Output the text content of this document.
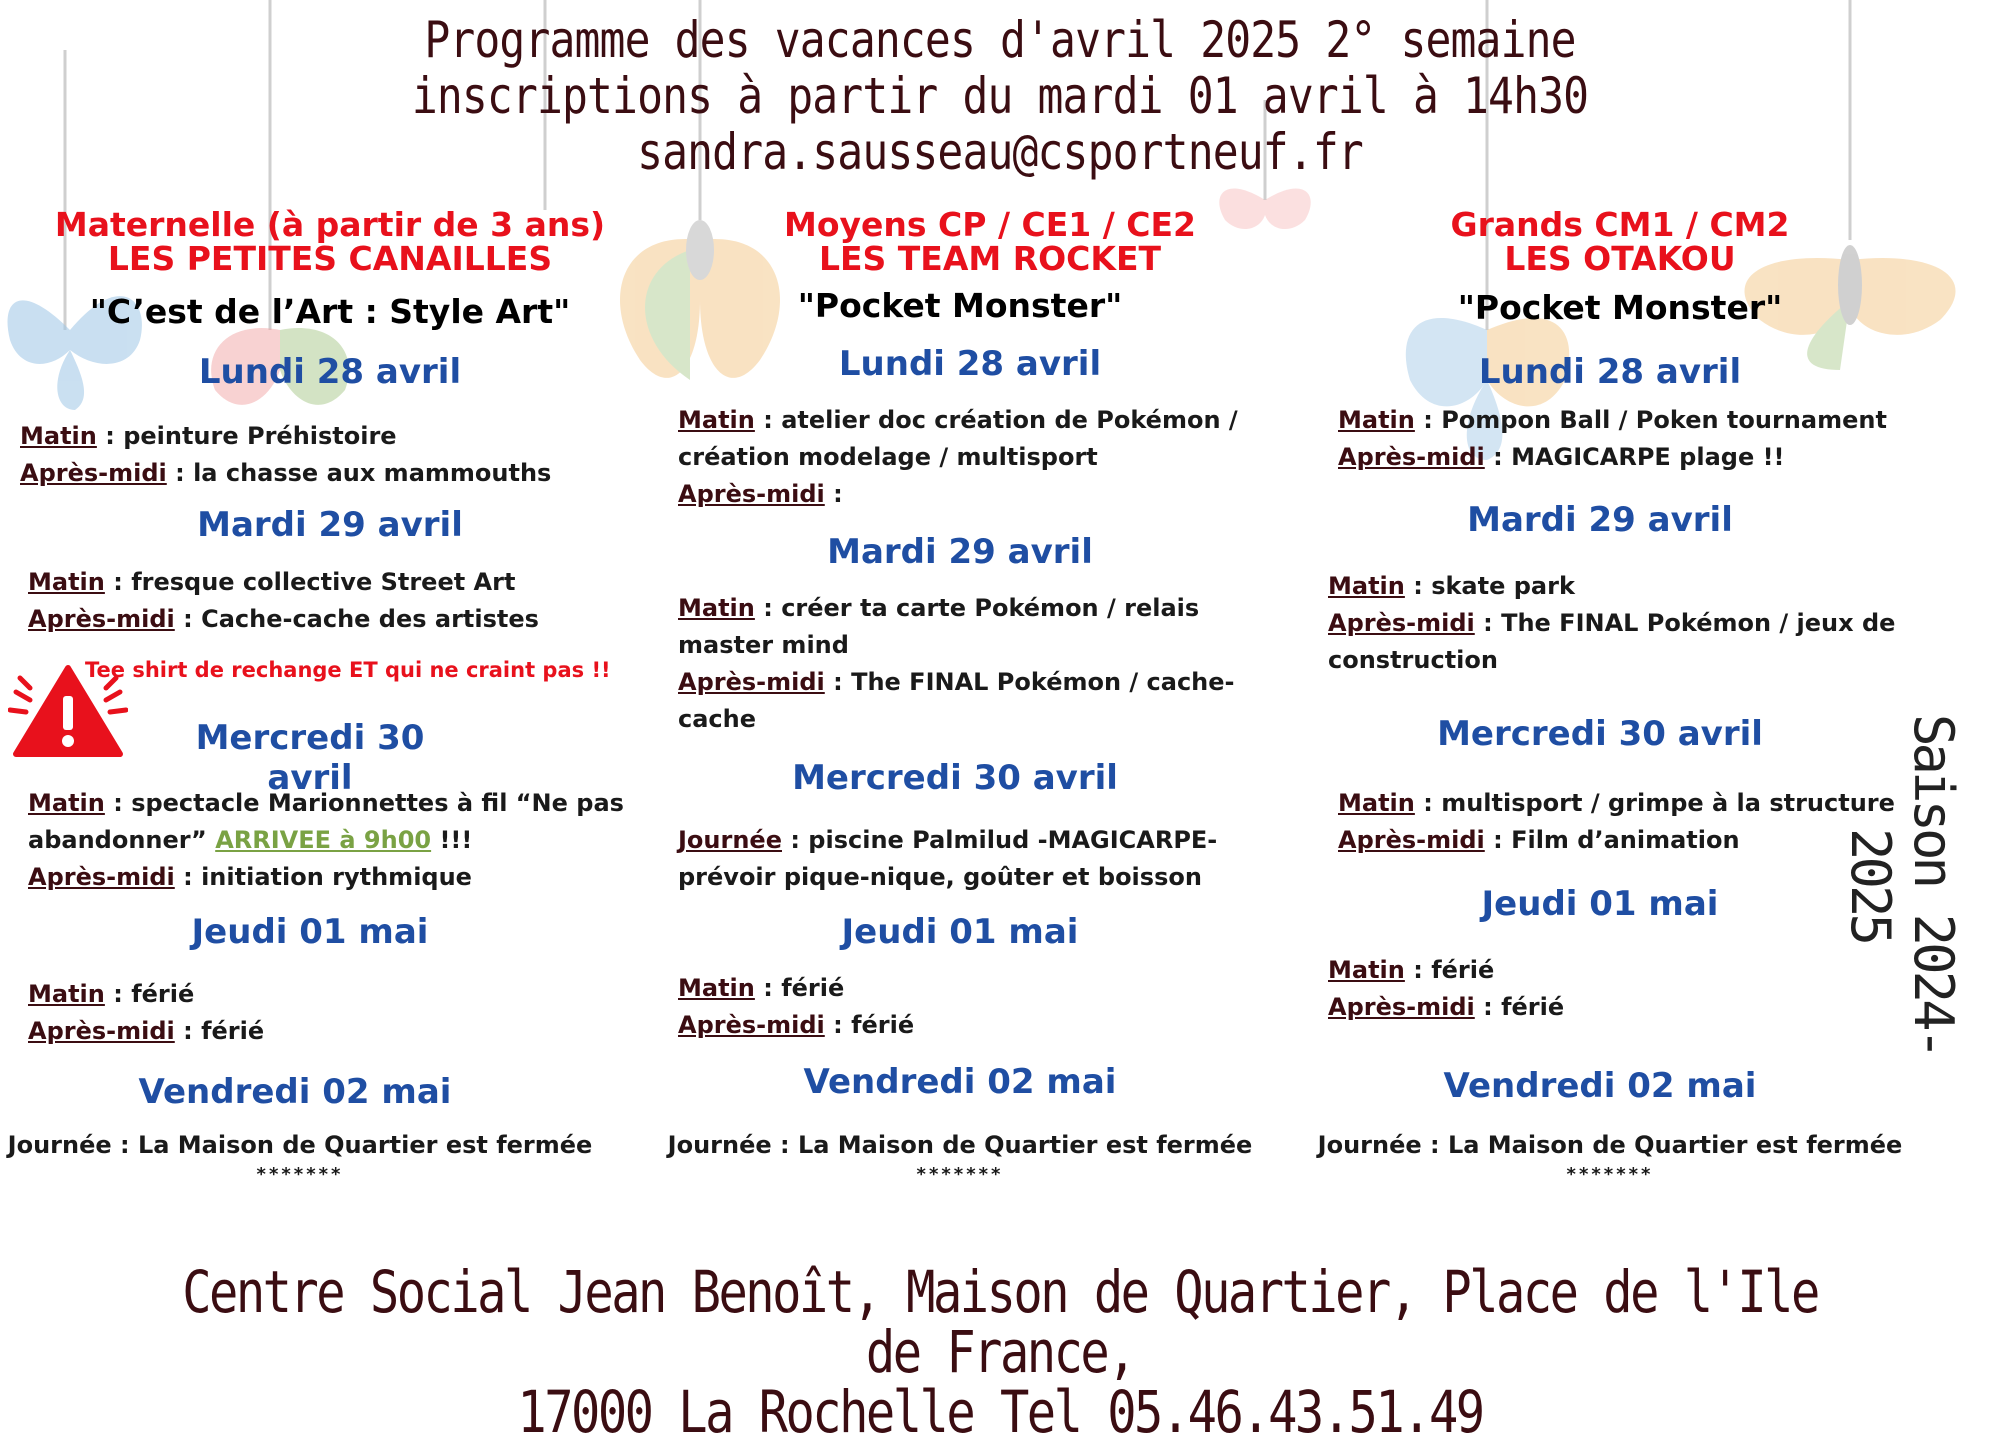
Programme des vacances d'avril 2025 2° semaine
inscriptions à partir du mardi 01 avril à 14h30
sandra.sausseau@csportneuf.fr
Saison 2024-2025
Maternelle (à partir de 3 ans)
LES PETITES CANAILLES
"C’est de l’Art : Style Art"
Lundi 28 avril
Matin : peinture Préhistoire
Après-midi : la chasse aux mammouths
Mardi 29 avril
Matin : fresque collective Street Art
Après-midi : Cache-cache des artistes
Tee shirt de rechange ET qui ne craint pas !!
Mercredi 30 avril
Matin : spectacle Marionnettes à fil “Ne pas
abandonner” ARRIVEE à 9h00 !!!
Après-midi : initiation rythmique
Jeudi 01 mai
Matin : férié
Après-midi : férié
Vendredi 02 mai
Journée : La Maison de Quartier est fermée
*******
Moyens CP / CE1 / CE2
LES TEAM ROCKET
"Pocket Monster"
Lundi 28 avril
Matin : atelier doc création de Pokémon /
création modelage / multisport
Après-midi :
Mardi 29 avril
Matin : créer ta carte Pokémon / relais
master mind
Après-midi : The FINAL Pokémon / cache-
cache
Mercredi 30 avril
Journée : piscine Palmilud -MAGICARPE-
prévoir pique-nique, goûter et boisson
Jeudi 01 mai
Matin : férié
Après-midi : férié
Vendredi 02 mai
Journée : La Maison de Quartier est fermée
*******
Grands CM1 / CM2
LES OTAKOU
"Pocket Monster"
Lundi 28 avril
Matin : Pompon Ball / Poken tournament
Après-midi : MAGICARPE plage !!
Mardi 29 avril
Matin : skate park
Après-midi : The FINAL Pokémon / jeux de
construction
Mercredi 30 avril
Matin : multisport / grimpe à la structure
Après-midi : Film d’animation
Jeudi 01 mai
Matin : férié
Après-midi : férié
Vendredi 02 mai
Journée : La Maison de Quartier est fermée
*******
Centre Social Jean Benoît, Maison de Quartier, Place de l'Ile de France,
17000 La Rochelle Tel 05.46.43.51.49
